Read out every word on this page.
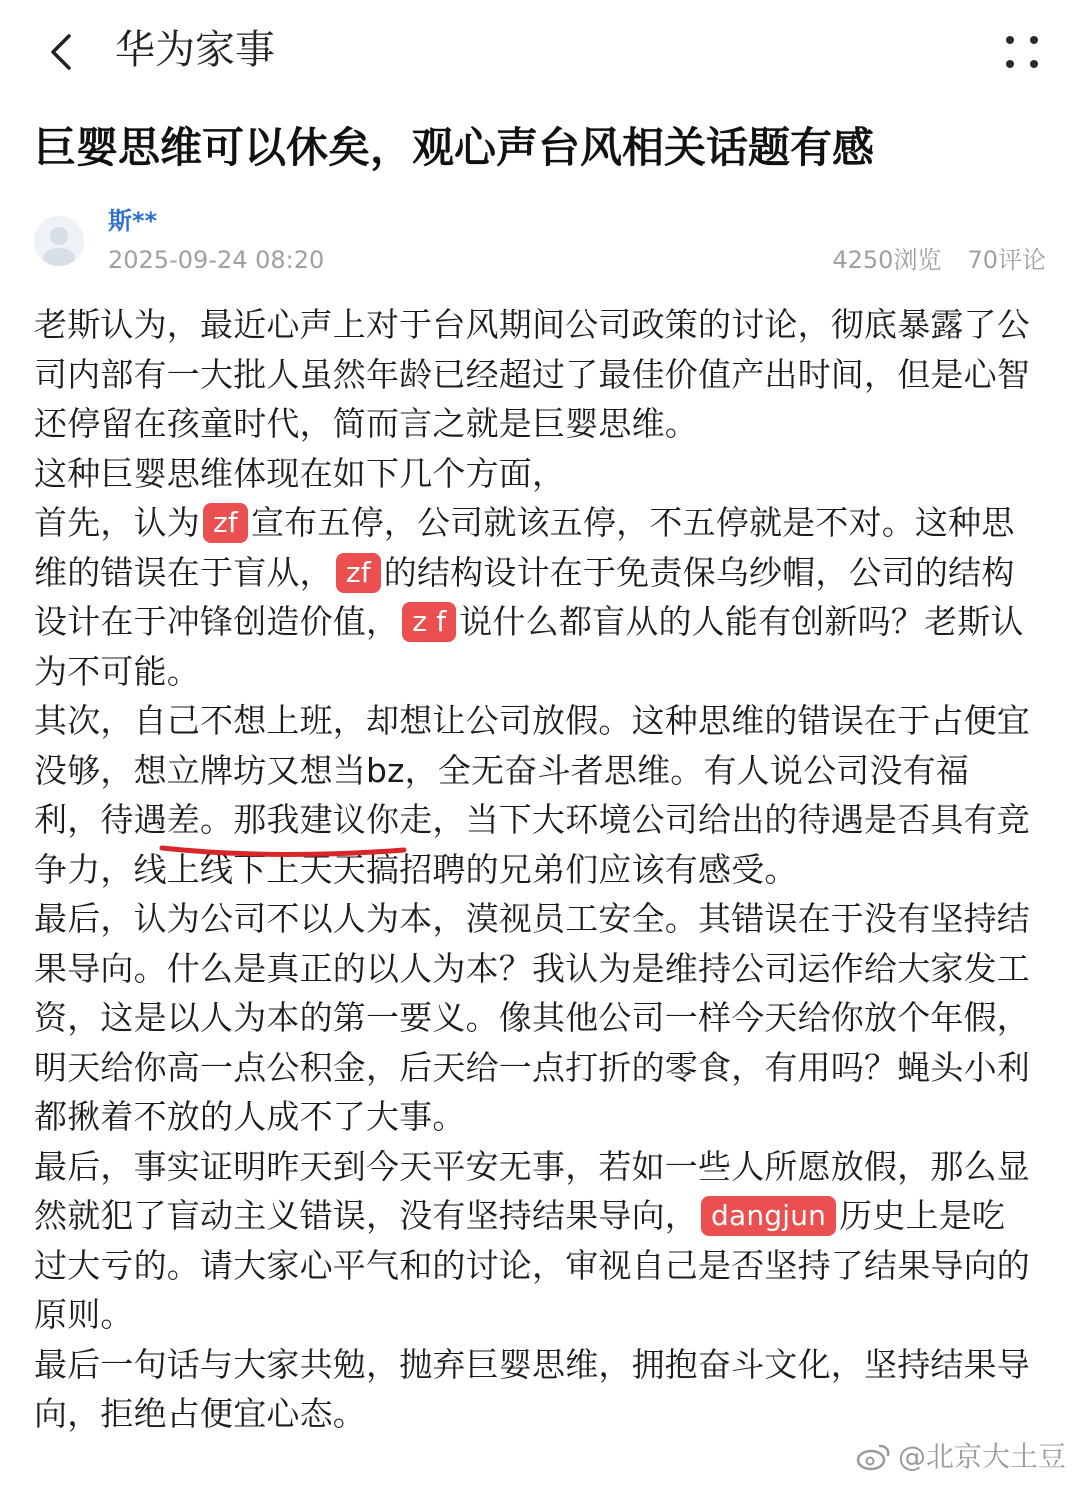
华为家事
巨婴思维可以休矣，观心声台风相关话题有感
斯**
2025-09-24 08:20	4250浏览 70评论

老斯认为，最近心声上对于台风期间公司政策的讨论，彻底暴露了公司内部有一大批人虽然年龄已经超过了最佳价值产出时间，但是心智还停留在孩童时代，简而言之就是巨婴思维。

这种巨婴思维体现在如下几个方面，

首先，认为 zf 宣布五停，公司就该五停，不五停就是不对。这种思维的错误在于盲从， zf 的结构设计在于免责保乌纱帽，公司的结构设计在于冲锋创造价值， z f 说什么都盲从的人能有创新吗？老斯认为不可能。

其次，自己不想上班，却想让公司放假。这种思维的错误在于占便宜没够，想立牌坊又想当bz，全无奋斗者思维。有人说公司没有福利，待遇差。那我建议你走，当下大环境公司给出的待遇是否具有竞争力，线上线下上天天搞招聘的兄弟们应该有感受。

最后，认为公司不以人为本，漠视员工安全。其错误在于没有坚持结果导向。什么是真正的以人为本？我认为是维持公司运作给大家发工资，这是以人为本的第一要义。像其他公司一样今天给你放个年假，明天给你高一点公积金，后天给一点打折的零食，有用吗？蝇头小利都揪着不放的人成不了大事。

最后，事实证明昨天到今天平安无事，若如一些人所愿放假，那么显然就犯了盲动主义错误，没有坚持结果导向， dangjun 历史上是吃过大亏的。请大家心平气和的讨论，审视自己是否坚持了结果导向的原则。

最后一句话与大家共勉，抛弃巨婴思维，拥抱奋斗文化，坚持结果导向，拒绝占便宜心态。

@北京大土豆
